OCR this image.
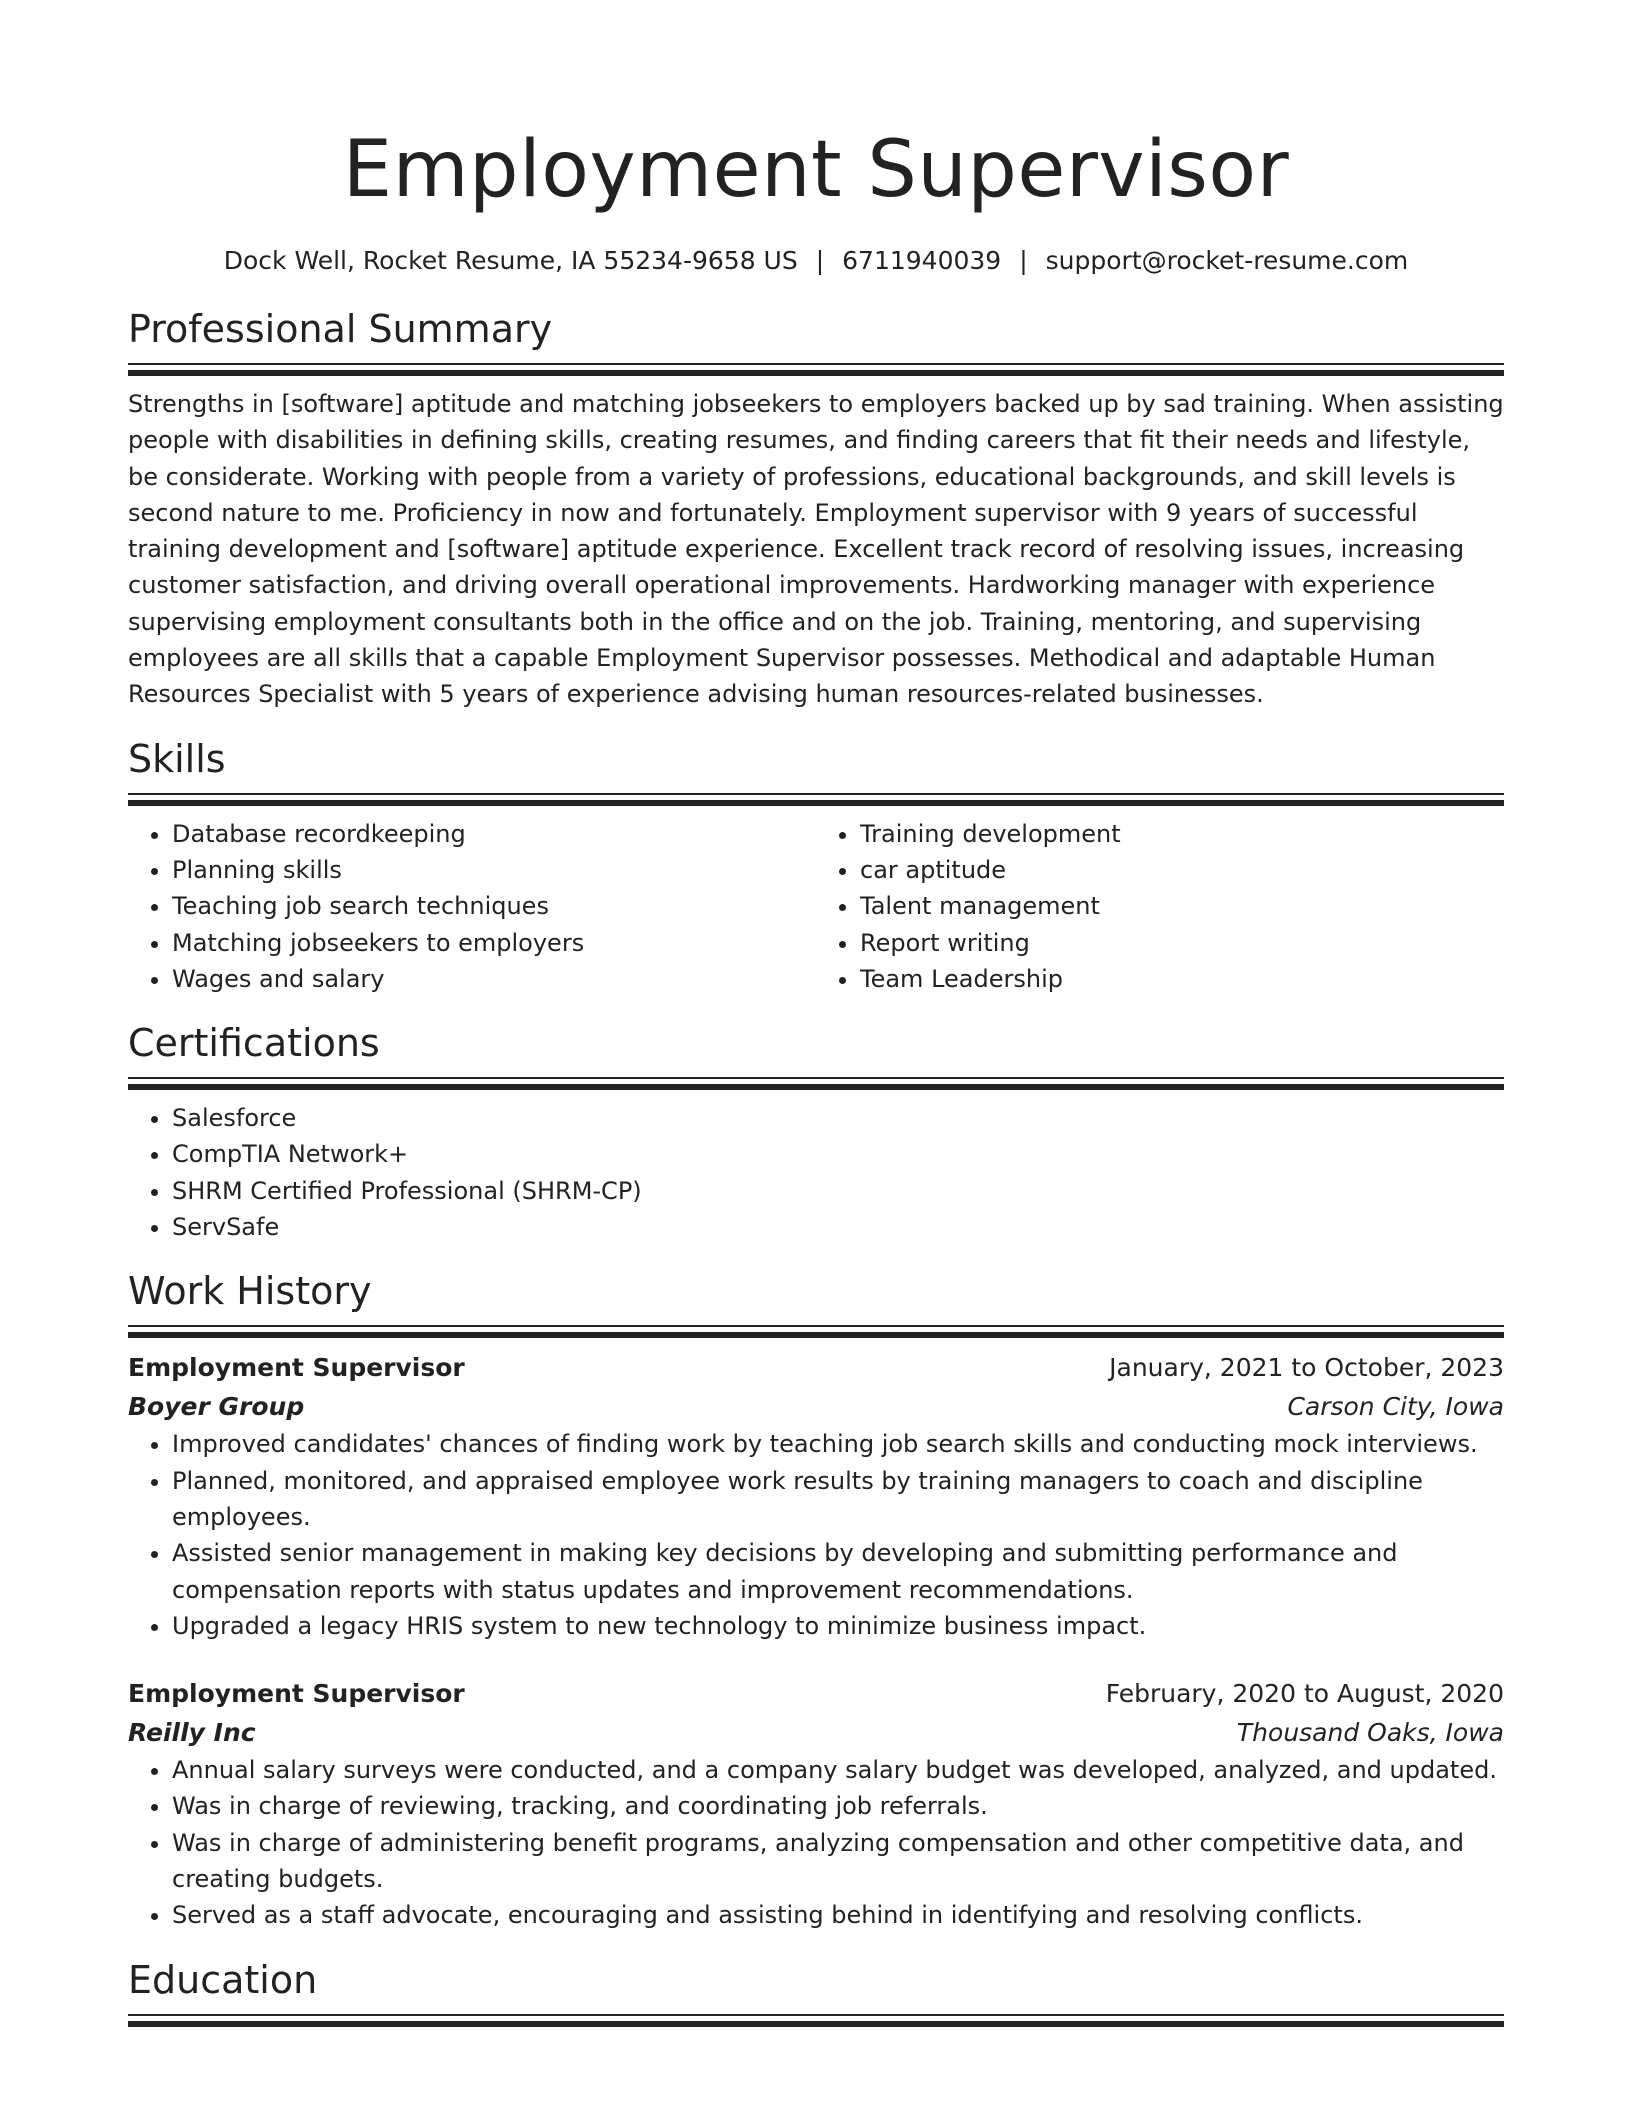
Employment Supervisor
Dock Well, Rocket Resume, IA 55234-9658 US | 6711940039 | support@rocket-resume.com
Professional Summary

Strengths in [software] aptitude and matching jobseekers to employers backed up by sad training. When assisting people with disabilities in defining skills, creating resumes, and finding careers that fit their needs and lifestyle, be considerate. Working with people from a variety of professions, educational backgrounds, and skill levels is second nature to me. Proficiency in now and fortunately. Employment supervisor with 9 years of successful training development and [software] aptitude experience. Excellent track record of resolving issues, increasing customer satisfaction, and driving overall operational improvements. Hardworking manager with experience supervising employment consultants both in the office and on the job. Training, mentoring, and supervising employees are all skills that a capable Employment Supervisor possesses. Methodical and adaptable Human Resources Specialist with 5 years of experience advising human resources-related businesses.

Skills
• Database recordkeeping
• Planning skills
• Teaching job search techniques
• Matching jobseekers to employers
• Wages and salary
• Training development
• car aptitude
• Talent management
• Report writing
• Team Leadership
Certifications
• Salesforce
• CompTIA Network+
• SHRM Certified Professional (SHRM-CP)
• ServSafe
Work History
Employment Supervisor	January, 2021 to October, 2023
Boyer Group	Carson City, Iowa
• Improved candidates' chances of finding work by teaching job search skills and conducting mock interviews.
• Planned, monitored, and appraised employee work results by training managers to coach and discipline employees.
• Assisted senior management in making key decisions by developing and submitting performance and compensation reports with status updates and improvement recommendations.
• Upgraded a legacy HRIS system to new technology to minimize business impact.
Employment Supervisor	February, 2020 to August, 2020
Reilly Inc	Thousand Oaks, Iowa
• Annual salary surveys were conducted, and a company salary budget was developed, analyzed, and updated.
• Was in charge of reviewing, tracking, and coordinating job referrals.
• Was in charge of administering benefit programs, analyzing compensation and other competitive data, and creating budgets.
• Served as a staff advocate, encouraging and assisting behind in identifying and resolving conflicts.
Education
